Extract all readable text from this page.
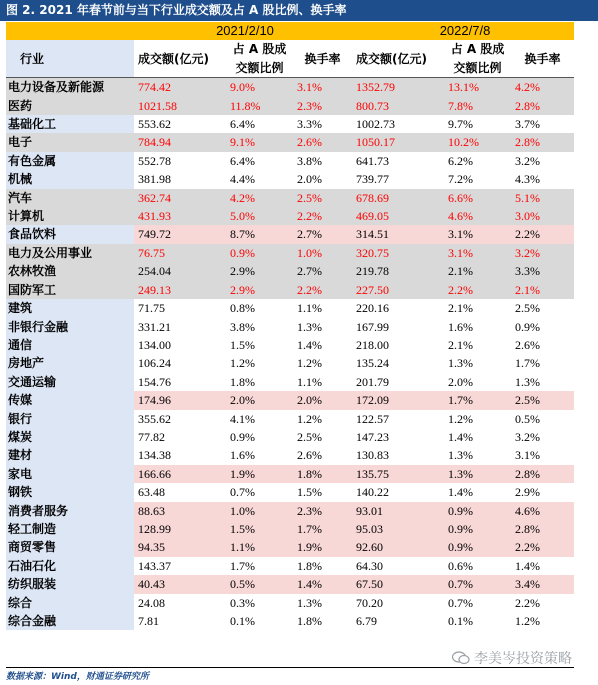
图 2. 2021 年春节前与当下行业成交额及占 A 股比例、换手率
	2021/2/10			2022/7/8		
行业	成交额(亿元)	占 A 股成	换手率	成交额(亿元)	占 A 股成	换手率
		交额比例			交额比例	
电力设备及新能源	774.42	9.0%	3.1%	1352.79	13.1%	4.2%
医药	1021.58	11.8%	2.3%	800.73	7.8%	2.8%
基础化工	553.62	6.4%	3.3%	1002.73	9.7%	3.7%
电子	784.94	9.1%	2.6%	1050.17	10.2%	2.8%
有色金属	552.78	6.4%	3.8%	641.73	6.2%	3.2%
机械	381.98	4.4%	2.0%	739.77	7.2%	4.3%
汽车	362.74	4.2%	2.5%	678.69	6.6%	5.1%
计算机	431.93	5.0%	2.2%	469.05	4.6%	3.0%
食品饮料	749.72	8.7%	2.7%	314.51	3.1%	2.2%
电力及公用事业	76.75	0.9%	1.0%	320.75	3.1%	3.2%
农林牧渔	254.04	2.9%	2.7%	219.78	2.1%	3.3%
国防军工	249.13	2.9%	2.2%	227.50	2.2%	2.1%
建筑	71.75	0.8%	1.1%	220.16	2.1%	2.5%
非银行金融	331.21	3.8%	1.3%	167.99	1.6%	0.9%
通信	134.00	1.5%	1.4%	218.00	2.1%	2.6%
房地产	106.24	1.2%	1.2%	135.24	1.3%	1.7%
交通运输	154.76	1.8%	1.1%	201.79	2.0%	1.3%
传媒	174.96	2.0%	2.0%	172.09	1.7%	2.5%
银行	355.62	4.1%	1.2%	122.57	1.2%	0.5%
煤炭	77.82	0.9%	2.5%	147.23	1.4%	3.2%
建材	134.38	1.6%	2.6%	130.83	1.3%	3.1%
家电	166.66	1.9%	1.8%	135.75	1.3%	2.8%
钢铁	63.48	0.7%	1.5%	140.22	1.4%	2.9%
消费者服务	88.63	1.0%	2.3%	93.01	0.9%	4.6%
轻工制造	128.99	1.5%	1.7%	95.03	0.9%	2.8%
商贸零售	94.35	1.1%	1.9%	92.60	0.9%	2.2%
石油石化	143.37	1.7%	1.8%	64.30	0.6%	1.4%
纺织服装	40.43	0.5%	1.4%	67.50	0.7%	3.4%
综合	24.08	0.3%	1.3%	70.20	0.7%	2.2%
综合金融	7.81	0.1%	1.8%	6.79	0.1%	1.2%
数据来源：Wind，财通证券研究所
李美岑投资策略
